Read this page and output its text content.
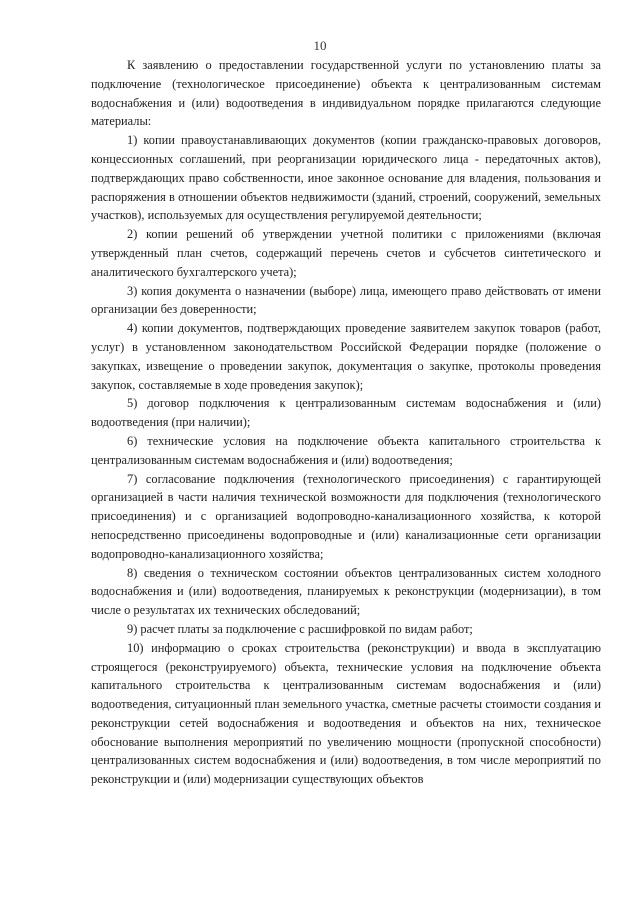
10

К заявлению о предоставлении государственной услуги по установлению платы за подключение (технологическое присоединение) объекта к централизованным системам водоснабжения и (или) водоотведения в индивидуальном порядке прилагаются следующие материалы:

1) копии правоустанавливающих документов (копии гражданско-правовых договоров, концессионных соглашений, при реорганизации юридического лица - передаточных актов), подтверждающих право собственности, иное законное основание для владения, пользования и распоряжения в отношении объектов недвижимости (зданий, строений, сооружений, земельных участков), используемых для осуществления регулируемой деятельности;

2) копии решений об утверждении учетной политики с приложениями (включая утвержденный план счетов, содержащий перечень счетов и субсчетов синтетического и аналитического бухгалтерского учета);

3) копия документа о назначении (выборе) лица, имеющего право действовать от имени организации без доверенности;

4) копии документов, подтверждающих проведение заявителем закупок товаров (работ, услуг) в установленном законодательством Российской Федерации порядке (положение о закупках, извещение о проведении закупок, документация о закупке, протоколы проведения закупок, составляемые в ходе проведения закупок);

5) договор подключения к централизованным системам водоснабжения и (или) водоотведения (при наличии);

6) технические условия на подключение объекта капитального строительства к централизованным системам водоснабжения и (или) водоотведения;

7) согласование подключения (технологического присоединения) с гарантирующей организацией в части наличия технической возможности для подключения (технологического присоединения) и с организацией водопроводно-канализационного хозяйства, к которой непосредственно присоединены водопроводные и (или) канализационные сети организации водопроводно-канализационного хозяйства;

8) сведения о техническом состоянии объектов централизованных систем холодного водоснабжения и (или) водоотведения, планируемых к реконструкции (модернизации), в том числе о результатах их технических обследований;

9) расчет платы за подключение с расшифровкой по видам работ;

10) информацию о сроках строительства (реконструкции) и ввода в эксплуатацию строящегося (реконструируемого) объекта, технические условия на подключение объекта капитального строительства к централизованным системам водоснабжения и (или) водоотведения, ситуационный план земельного участка, сметные расчеты стоимости создания и реконструкции сетей водоснабжения и водоотведения и объектов на них, техническое обоснование выполнения мероприятий по увеличению мощности (пропускной способности) централизованных систем водоснабжения и (или) водоотведения, в том числе мероприятий по реконструкции и (или) модернизации существующих объектов
